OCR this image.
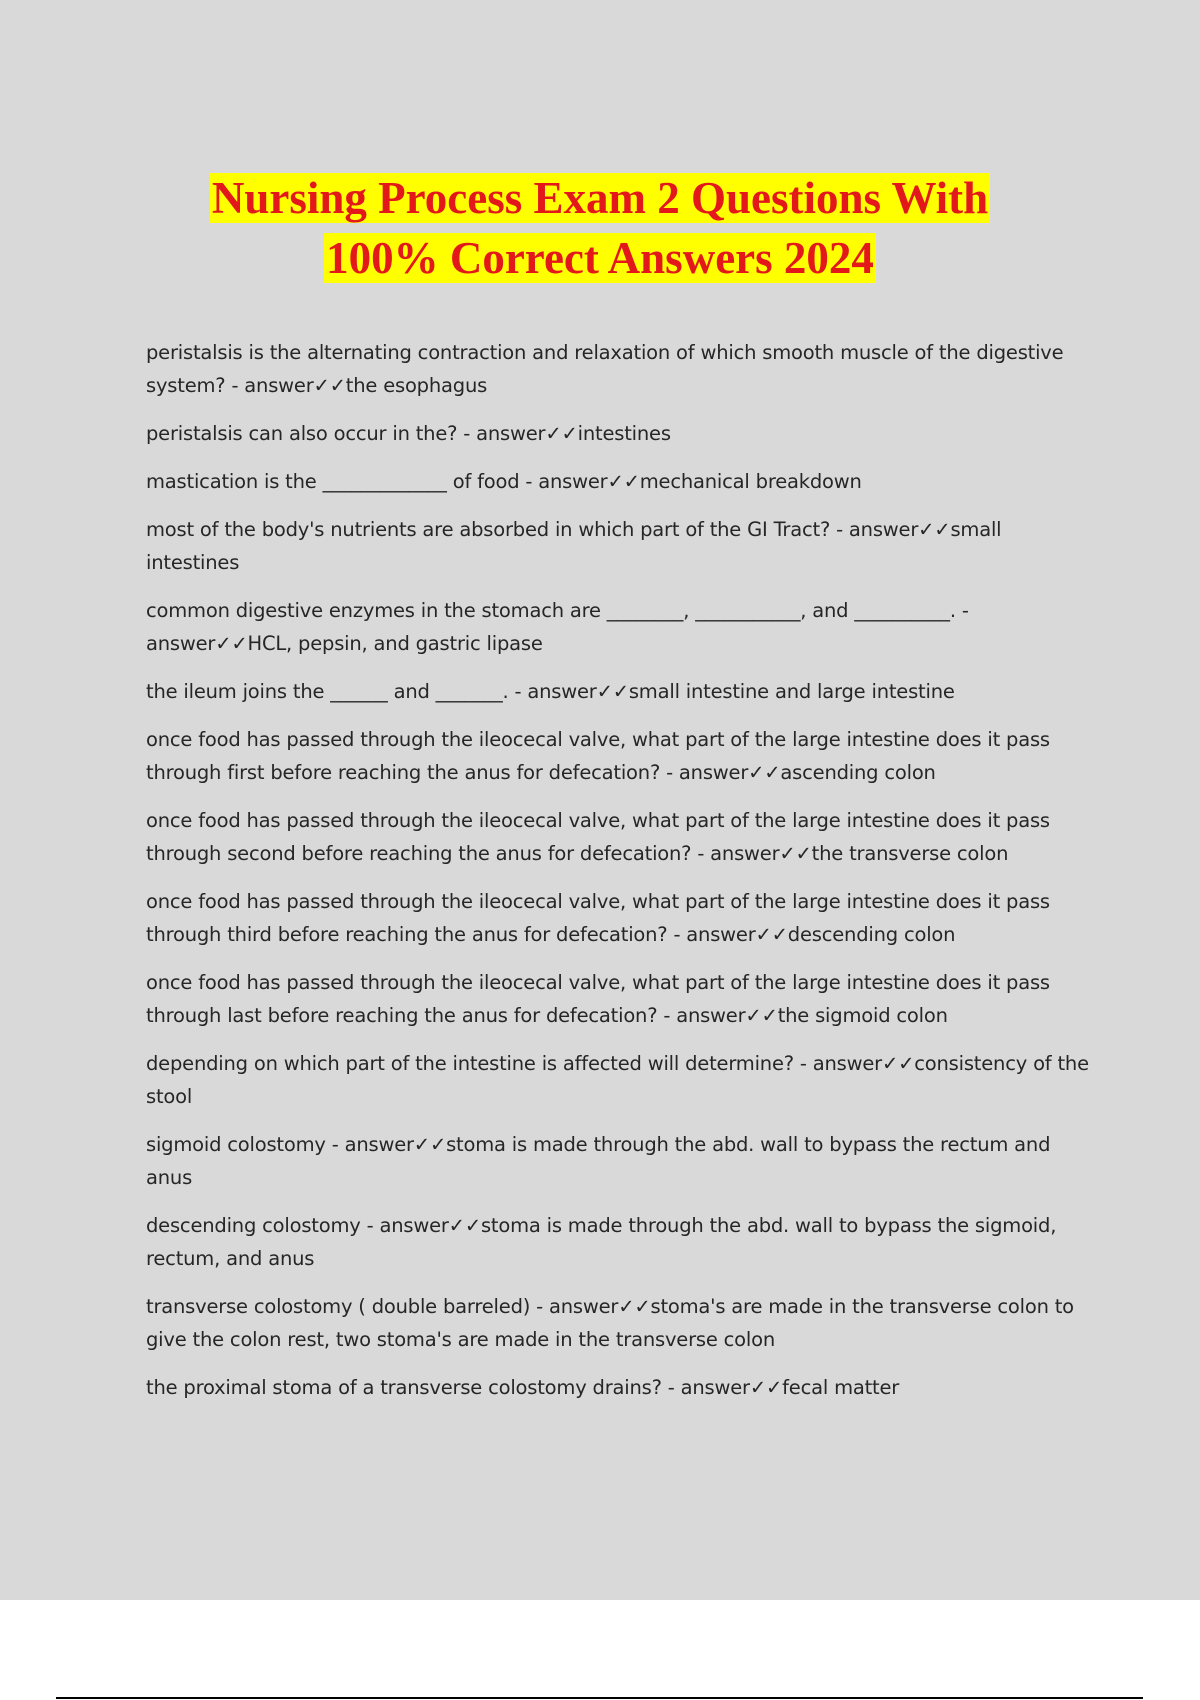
Nursing Process Exam 2 Questions With
100% Correct Answers 2024
peristalsis is the alternating contraction and relaxation of which smooth muscle of the digestive system? - answer✓✓the esophagus
peristalsis can also occur in the? - answer✓✓intestines
mastication is the _____________ of food - answer✓✓mechanical breakdown
most of the body's nutrients are absorbed in which part of the GI Tract? - answer✓✓small intestines
common digestive enzymes in the stomach are ________, ___________, and __________. - answer✓✓HCL, pepsin, and gastric lipase
the ileum joins the ______ and _______. - answer✓✓small intestine and large intestine
once food has passed through the ileocecal valve, what part of the large intestine does it pass through first before reaching the anus for defecation? - answer✓✓ascending colon
once food has passed through the ileocecal valve, what part of the large intestine does it pass through second before reaching the anus for defecation? - answer✓✓the transverse colon
once food has passed through the ileocecal valve, what part of the large intestine does it pass through third before reaching the anus for defecation? - answer✓✓descending colon
once food has passed through the ileocecal valve, what part of the large intestine does it pass through last before reaching the anus for defecation? - answer✓✓the sigmoid colon
depending on which part of the intestine is affected will determine? - answer✓✓consistency of the stool
sigmoid colostomy - answer✓✓stoma is made through the abd. wall to bypass the rectum and anus
descending colostomy - answer✓✓stoma is made through the abd. wall to bypass the sigmoid, rectum, and anus
transverse colostomy ( double barreled) - answer✓✓stoma's are made in the transverse colon to give the colon rest, two stoma's are made in the transverse colon
the proximal stoma of a transverse colostomy drains? - answer✓✓fecal matter
